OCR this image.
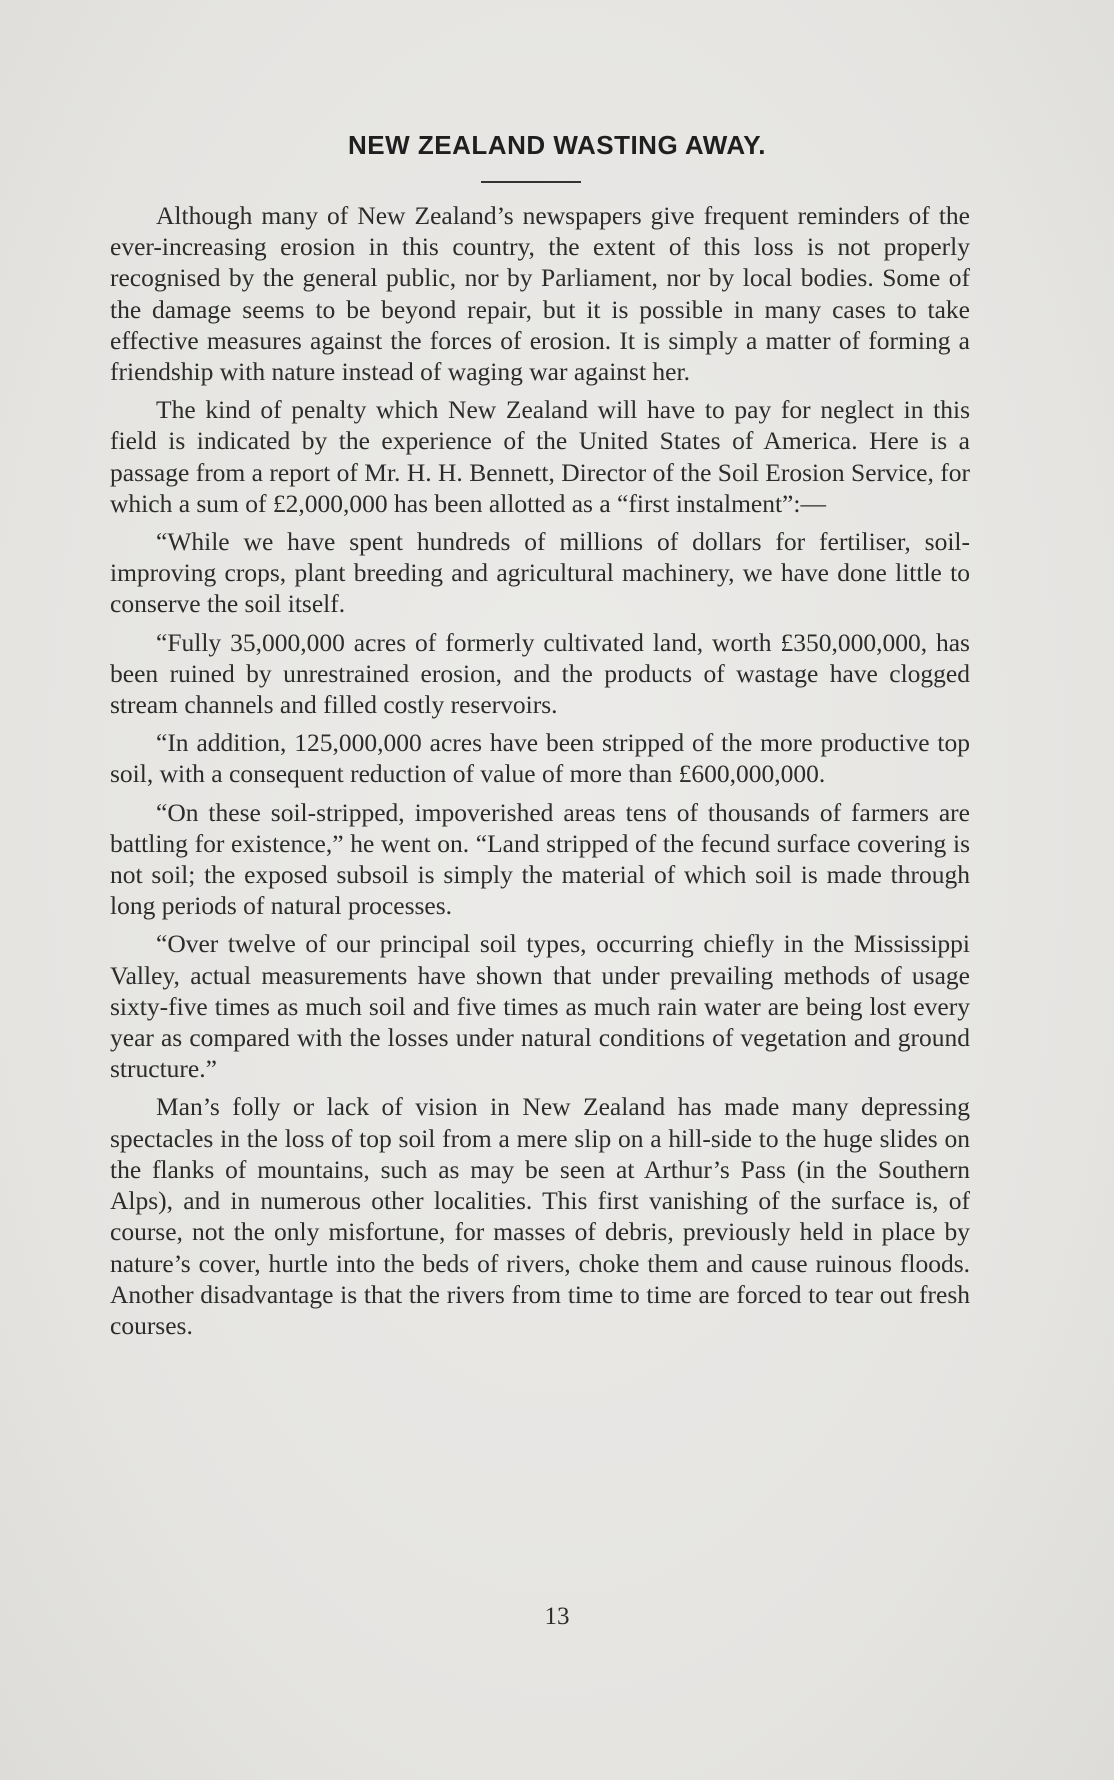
NEW ZEALAND WASTING AWAY.

Although many of New Zealand’s newspapers give frequent reminders of the ever-increasing erosion in this country, the extent of this loss is not properly recognised by the general public, nor by Parliament, nor by local bodies. Some of the damage seems to be beyond repair, but it is possible in many cases to take effective measures against the forces of erosion. It is simply a matter of forming a friendship with nature instead of waging war against her.

The kind of penalty which New Zealand will have to pay for neglect in this field is indicated by the experience of the United States of America. Here is a passage from a report of Mr. H. H. Bennett, Director of the Soil Erosion Service, for which a sum of £2,000,000 has been allotted as a “first instalment”:—

“While we have spent hundreds of millions of dollars for fertiliser, soil-improving crops, plant breeding and agricultural machinery, we have done little to conserve the soil itself.

“Fully 35,000,000 acres of formerly cultivated land, worth £350,000,000, has been ruined by unrestrained erosion, and the products of wastage have clogged stream channels and filled costly reservoirs.

“In addition, 125,000,000 acres have been stripped of the more productive top soil, with a consequent reduction of value of more than £600,000,000.

“On these soil-stripped, impoverished areas tens of thousands of farmers are battling for existence,” he went on. “Land stripped of the fecund surface covering is not soil; the exposed subsoil is simply the material of which soil is made through long periods of natural processes.

“Over twelve of our principal soil types, occurring chiefly in the Mississippi Valley, actual measurements have shown that under prevailing methods of usage sixty-five times as much soil and five times as much rain water are being lost every year as compared with the losses under natural conditions of vegetation and ground structure.”

Man’s folly or lack of vision in New Zealand has made many depressing spectacles in the loss of top soil from a mere slip on a hill-side to the huge slides on the flanks of mountains, such as may be seen at Arthur’s Pass (in the Southern Alps), and in numerous other localities. This first vanishing of the surface is, of course, not the only misfortune, for masses of debris, previously held in place by nature’s cover, hurtle into the beds of rivers, choke them and cause ruinous floods. Another disadvantage is that the rivers from time to time are forced to tear out fresh courses.

13
